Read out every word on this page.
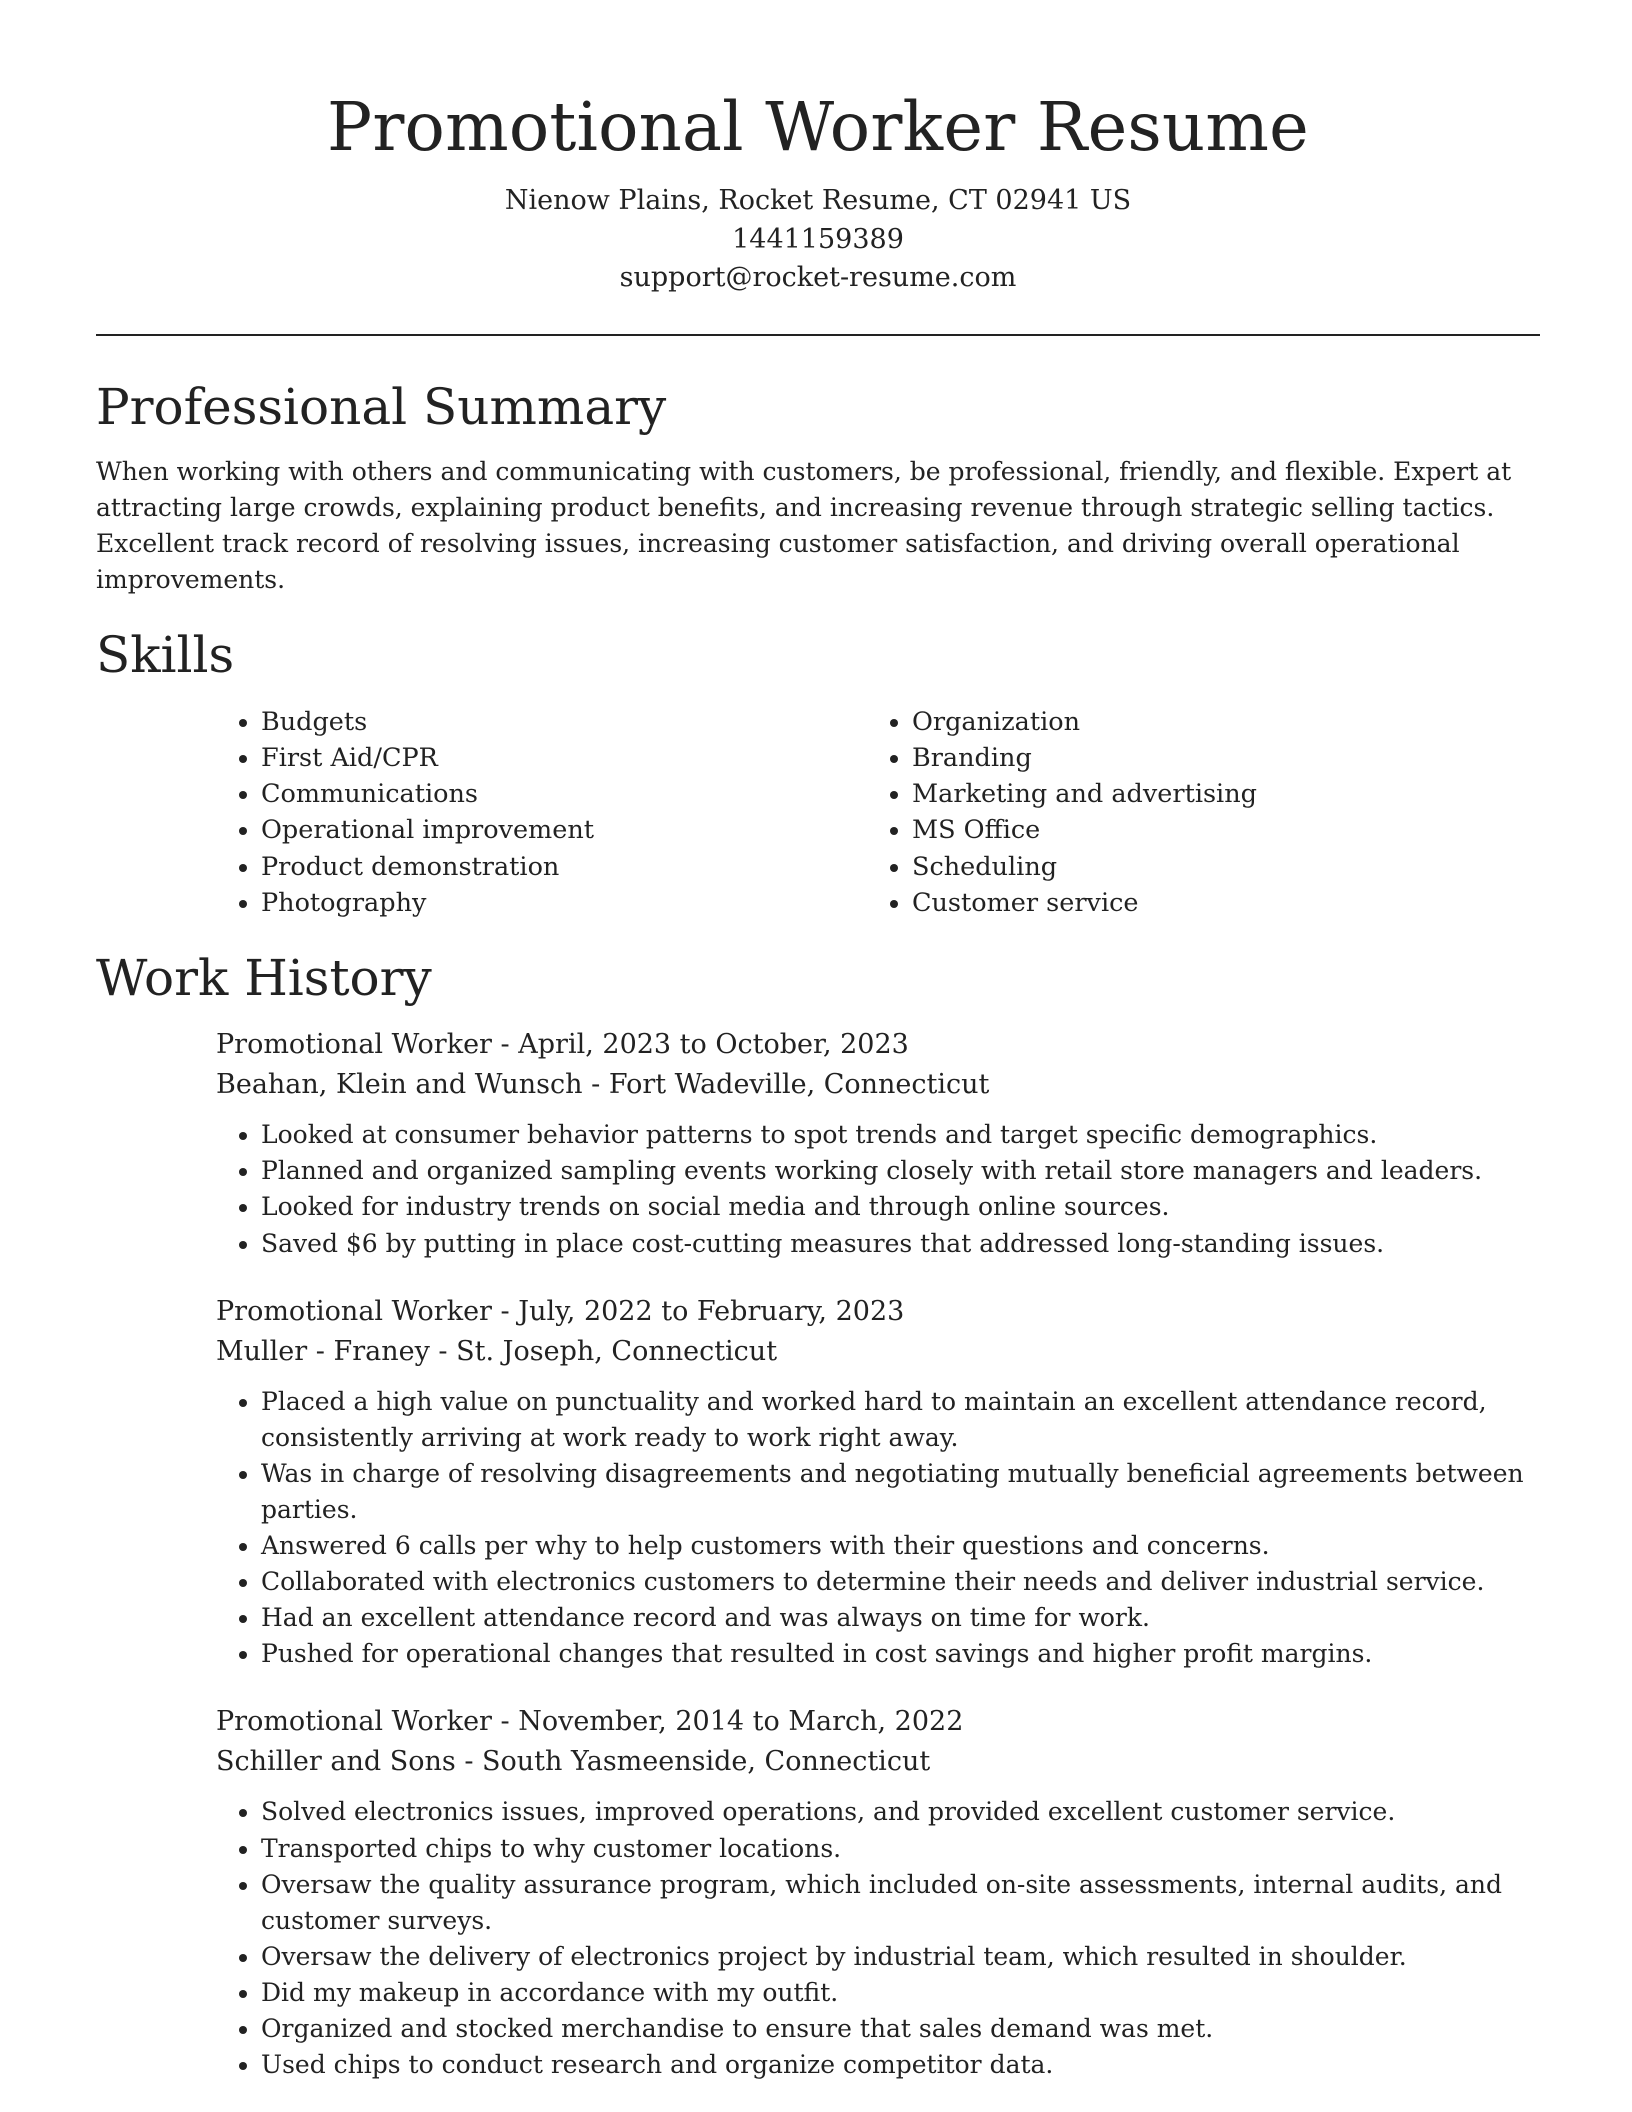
Promotional Worker Resume

Nienow Plains, Rocket Resume, CT 02941 US

1441159389

support@rocket-resume.com

Professional Summary

When working with others and communicating with customers, be professional, friendly, and flexible. Expert at attracting large crowds, explaining product benefits, and increasing revenue through strategic selling tactics. Excellent track record of resolving issues, increasing customer satisfaction, and driving overall operational improvements.

Skills
• Budgets
• First Aid/CPR
• Communications
• Operational improvement
• Product demonstration
• Photography
• Organization
• Branding
• Marketing and advertising
• MS Office
• Scheduling
• Customer service
Work History

Promotional Worker - April, 2023 to October, 2023

Beahan, Klein and Wunsch - Fort Wadeville, Connecticut

• Looked at consumer behavior patterns to spot trends and target specific demographics.
• Planned and organized sampling events working closely with retail store managers and leaders.
• Looked for industry trends on social media and through online sources.
• Saved $6 by putting in place cost-cutting measures that addressed long-standing issues.

Promotional Worker - July, 2022 to February, 2023

Muller - Franey - St. Joseph, Connecticut

• Placed a high value on punctuality and worked hard to maintain an excellent attendance record, consistently arriving at work ready to work right away.
• Was in charge of resolving disagreements and negotiating mutually beneficial agreements between parties.
• Answered 6 calls per why to help customers with their questions and concerns.
• Collaborated with electronics customers to determine their needs and deliver industrial service.
• Had an excellent attendance record and was always on time for work.
• Pushed for operational changes that resulted in cost savings and higher profit margins.

Promotional Worker - November, 2014 to March, 2022

Schiller and Sons - South Yasmeenside, Connecticut

• Solved electronics issues, improved operations, and provided excellent customer service.
• Transported chips to why customer locations.
• Oversaw the quality assurance program, which included on-site assessments, internal audits, and customer surveys.
• Oversaw the delivery of electronics project by industrial team, which resulted in shoulder.
• Did my makeup in accordance with my outfit.
• Organized and stocked merchandise to ensure that sales demand was met.
• Used chips to conduct research and organize competitor data.
